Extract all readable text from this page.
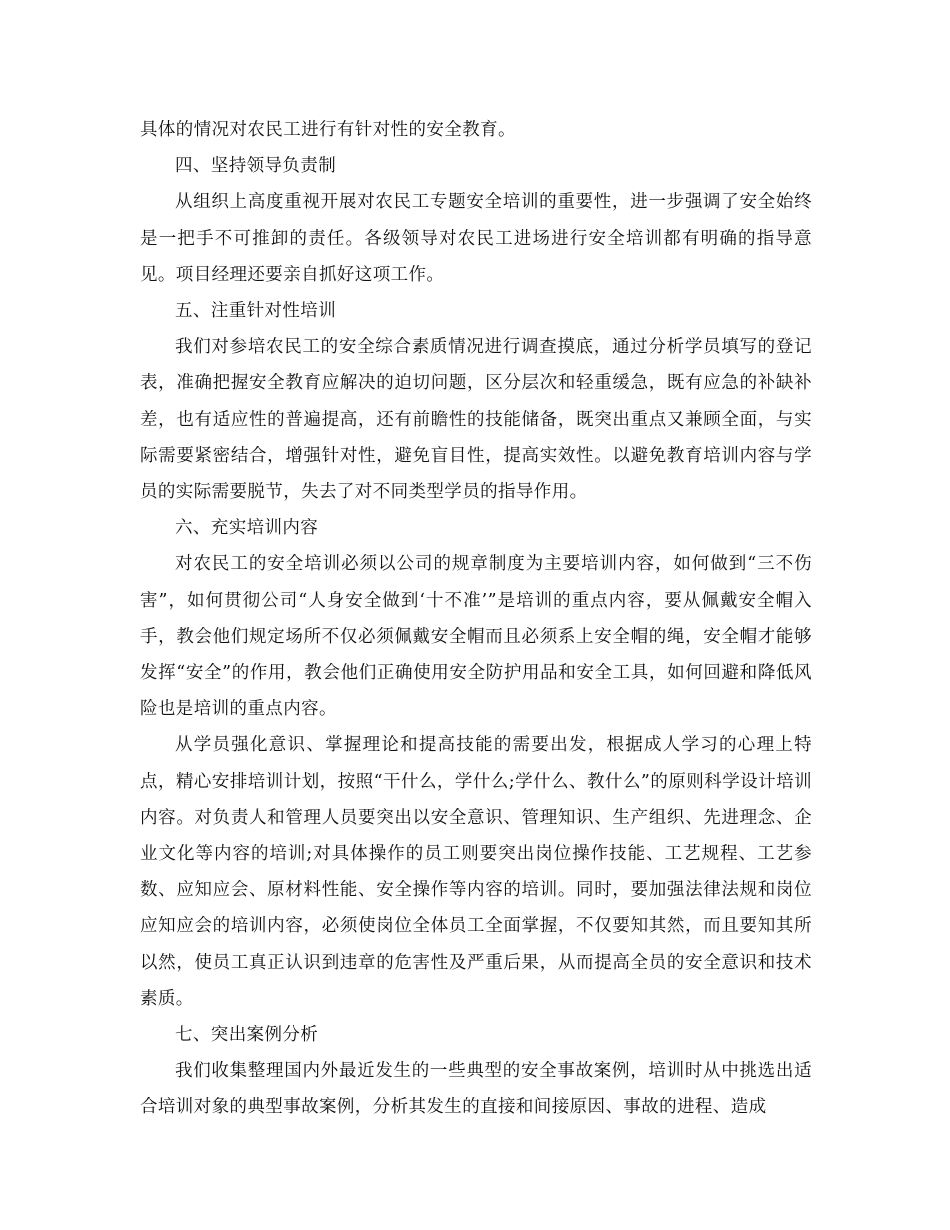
具体的情况对农民工进行有针对性的安全教育。

四、坚持领导负责制

从组织上高度重视开展对农民工专题安全培训的重要性，进一步强调了安全始终是一把手不可推卸的责任。各级领导对农民工进场进行安全培训都有明确的指导意见。项目经理还要亲自抓好这项工作。

五、注重针对性培训

我们对参培农民工的安全综合素质情况进行调查摸底，通过分析学员填写的登记表，准确把握安全教育应解决的迫切问题，区分层次和轻重缓急，既有应急的补缺补差，也有适应性的普遍提高，还有前瞻性的技能储备，既突出重点又兼顾全面，与实际需要紧密结合，增强针对性，避免盲目性，提高实效性。以避免教育培训内容与学员的实际需要脱节，失去了对不同类型学员的指导作用。

六、充实培训内容

对农民工的安全培训必须以公司的规章制度为主要培训内容，如何做到“三不伤害”，如何贯彻公司“人身安全做到‘十不准’”是培训的重点内容，要从佩戴安全帽入手，教会他们规定场所不仅必须佩戴安全帽而且必须系上安全帽的绳，安全帽才能够发挥“安全”的作用，教会他们正确使用安全防护用品和安全工具，如何回避和降低风险也是培训的重点内容。

从学员强化意识、掌握理论和提高技能的需要出发，根据成人学习的心理上特点，精心安排培训计划，按照“干什么，学什么;学什么、教什么”的原则科学设计培训内容。对负责人和管理人员要突出以安全意识、管理知识、生产组织、先进理念、企业文化等内容的培训;对具体操作的员工则要突出岗位操作技能、工艺规程、工艺参数、应知应会、原材料性能、安全操作等内容的培训。同时，要加强法律法规和岗位应知应会的培训内容，必须使岗位全体员工全面掌握，不仅要知其然，而且要知其所以然，使员工真正认识到违章的危害性及严重后果，从而提高全员的安全意识和技术素质。

七、突出案例分析

我们收集整理国内外最近发生的一些典型的安全事故案例，培训时从中挑选出适合培训对象的典型事故案例，分析其发生的直接和间接原因、事故的进程、造成
